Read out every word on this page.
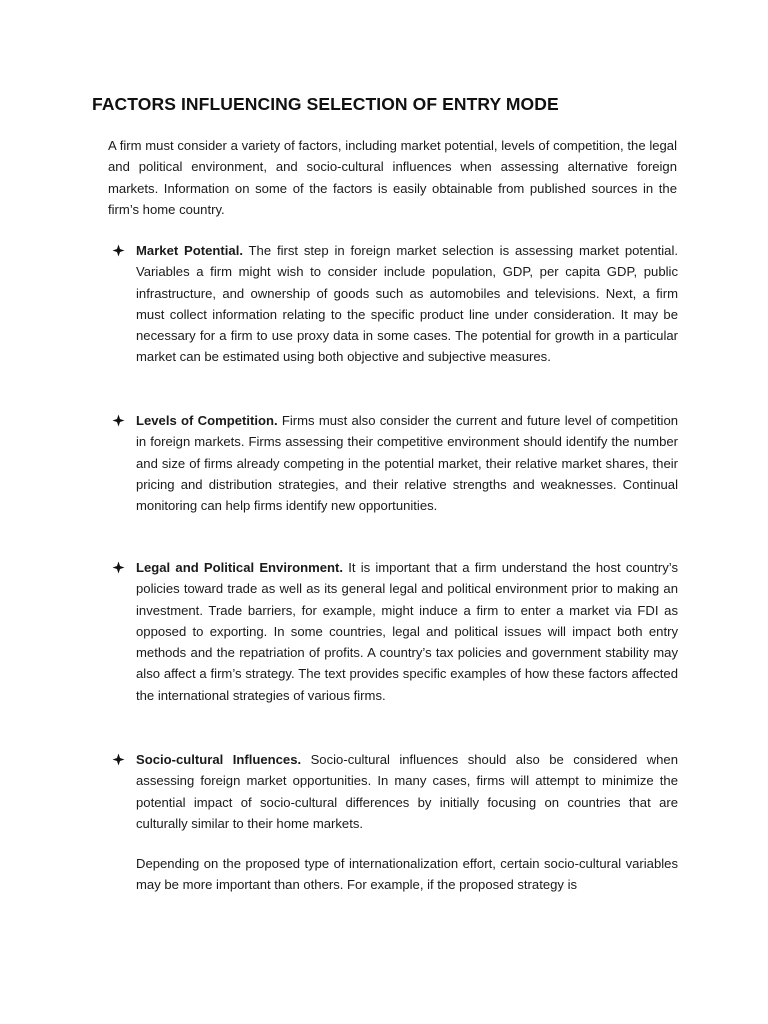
FACTORS INFLUENCING SELECTION OF ENTRY MODE

A firm must consider a variety of factors, including market potential, levels of competition, the legal and political environment, and socio-cultural influences when assessing alternative foreign markets. Information on some of the factors is easily obtainable from published sources in the firm’s home country.

Market Potential. The first step in foreign market selection is assessing market potential. Variables a firm might wish to consider include population, GDP, per capita GDP, public infrastructure, and ownership of goods such as automobiles and televisions. Next, a firm must collect information relating to the specific product line under consideration. It may be necessary for a firm to use proxy data in some cases. The potential for growth in a particular market can be estimated using both objective and subjective measures.

Levels of Competition. Firms must also consider the current and future level of competition in foreign markets. Firms assessing their competitive environment should identify the number and size of firms already competing in the potential market, their relative market shares, their pricing and distribution strategies, and their relative strengths and weaknesses. Continual monitoring can help firms identify new opportunities.

Legal and Political Environment. It is important that a firm understand the host country’s policies toward trade as well as its general legal and political environment prior to making an investment. Trade barriers, for example, might induce a firm to enter a market via FDI as opposed to exporting. In some countries, legal and political issues will impact both entry methods and the repatriation of profits. A country’s tax policies and government stability may also affect a firm’s strategy. The text provides specific examples of how these factors affected the international strategies of various firms.

Socio-cultural Influences. Socio-cultural influences should also be considered when assessing foreign market opportunities. In many cases, firms will attempt to minimize the potential impact of socio-cultural differences by initially focusing on countries that are culturally similar to their home markets.

Depending on the proposed type of internationalization effort, certain socio-cultural variables may be more important than others. For example, if the proposed strategy is
